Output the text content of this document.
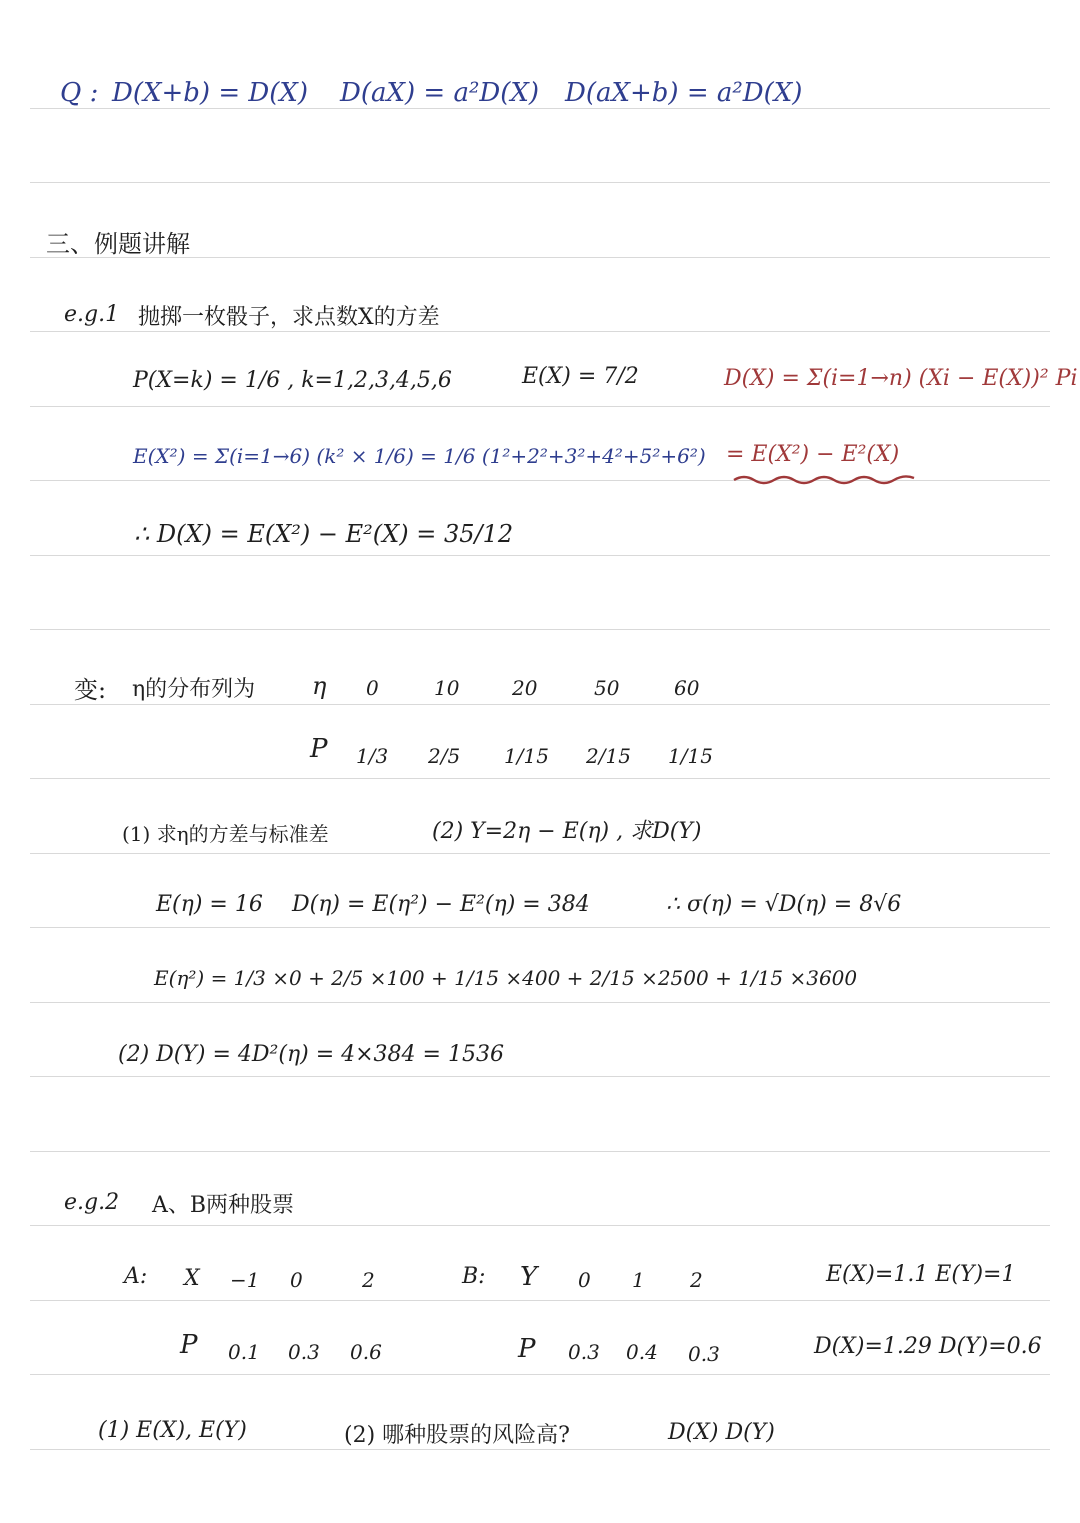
Q : D(X+b) = D(X) D(aX) = a²D(X) D(aX+b) = a²D(X)
三、例题讲解
e.g.1 抛掷一枚骰子，求点数X的方差
P(X=k) = 1/6 , k=1,2,3,4,5,6	E(X) = 7/2	D(X) = Σ(i=1→n) (Xi − E(X))² Pi
E(X²) = Σ(i=1→6) (k² × 1/6) = 1/6 (1²+2²+3²+4²+5²+6²) = E(X²) − E²(X)
∴ D(X) = E(X²) − E²(X) = 35/12
变: η的分布列为 η 0	10	20	50	60
P 1/3 2/5 1/15 2/15 1/15
(1) 求η的方差与标准差	(2) Y=2η − E(η) , 求D(Y)
E(η) = 16 D(η) = E(η²) − E²(η) = 384	∴ σ(η) = √D(η) = 8√6
E(η²) = 1/3 ×0 + 2/5 ×100 + 1/15 ×400 + 2/15 ×2500 + 1/15 ×3600
(2) D(Y) = 4D²(η) = 4×384 = 1536
e.g.2 A、B两种股票
A: X −1 0	2	B: Y 0 1 2	E(X)=1.1 E(Y)=1
P 0.1 0.3 0.6	P 0.3 0.4 0.3	D(X)=1.29 D(Y)=0.6
(1) E(X), E(Y)	(2) 哪种股票的风险高?	D(X) D(Y)
